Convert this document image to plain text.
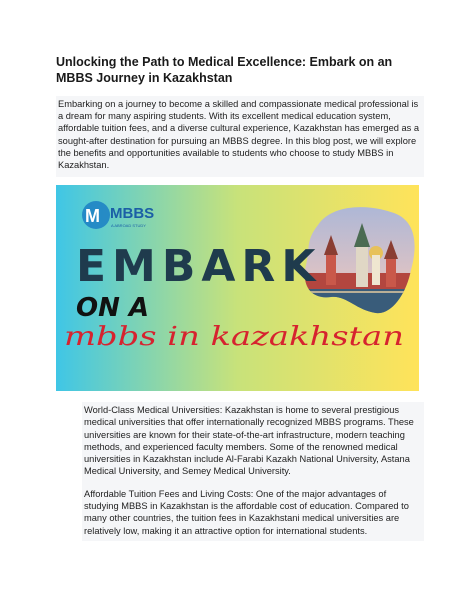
Unlocking the Path to Medical Excellence: Embark on an MBBS Journey in Kazakhstan
Embarking on a journey to become a skilled and compassionate medical professional is a dream for many aspiring students. With its excellent medical education system, affordable tuition fees, and a diverse cultural experience, Kazakhstan has emerged as a sought-after destination for pursuing an MBBS degree. In this blog post, we will explore the benefits and opportunities available to students who choose to study MBBS in Kazakhstan.
M MBBS
A ABROAD STUDY
EMBARK
ON A
mbbs in kazakhstan

World-Class Medical Universities: Kazakhstan is home to several prestigious medical universities that offer internationally recognized MBBS programs. These universities are known for their state-of-the-art infrastructure, modern teaching methods, and experienced faculty members. Some of the renowned medical universities in Kazakhstan include Al-Farabi Kazakh National University, Astana Medical University, and Semey Medical University.

Affordable Tuition Fees and Living Costs: One of the major advantages of studying MBBS in Kazakhstan is the affordable cost of education. Compared to many other countries, the tuition fees in Kazakhstani medical universities are relatively low, making it an attractive option for international students.
